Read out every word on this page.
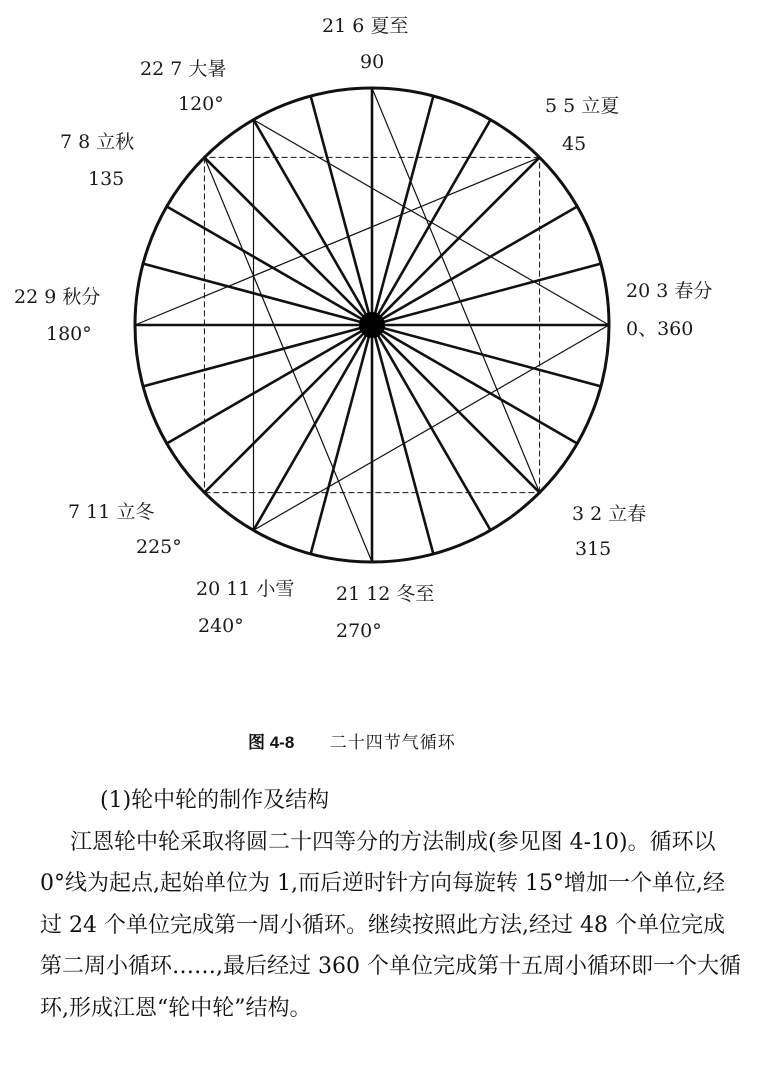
21 6 夏至
90
5 5 立夏
45
22 7 大暑
120°
7 8 立秋
135
20 3 春分
0、360
22 9 秋分
180°
7 11 立冬
225°
3 2 立春
315
20 11 小雪
240°
21 12 冬至
270°
图 4-8 二十四节气循环

(1)轮中轮的制作及结构

江恩轮中轮采取将圆二十四等分的方法制成(参见图 4-10)。循环以 0°线为起点,起始单位为 1,而后逆时针方向每旋转 15°增加一个单位,经过 24 个单位完成第一周小循环。继续按照此方法,经过 48 个单位完成第二周小循环……,最后经过 360 个单位完成第十五周小循环即一个大循环,形成江恩“轮中轮”结构。
